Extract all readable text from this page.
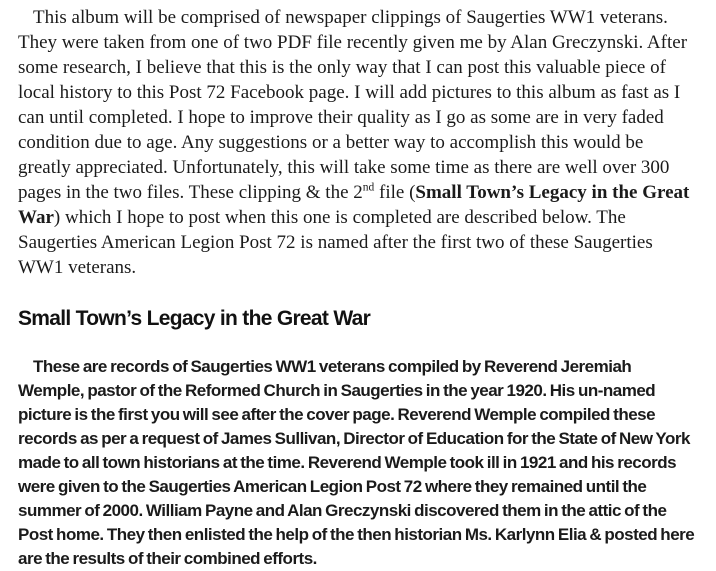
This album will be comprised of newspaper clippings of Saugerties WW1 veterans. They were taken from one of two PDF file recently given me by Alan Greczynski. After some research, I believe that this is the only way that I can post this valuable piece of local history to this Post 72 Facebook page. I will add pictures to this album as fast as I can until completed. I hope to improve their quality as I go as some are in very faded condition due to age. Any suggestions or a better way to accomplish this would be greatly appreciated. Unfortunately, this will take some time as there are well over 300 pages in the two files. These clipping & the 2nd file (Small Town’s Legacy in the Great War) which I hope to post when this one is completed are described below. The Saugerties American Legion Post 72 is named after the first two of these Saugerties WW1 veterans.

Small Town’s Legacy in the Great War

These are records of Saugerties WW1 veterans compiled by Reverend Jeremiah Wemple, pastor of the Reformed Church in Saugerties in the year 1920. His un-named picture is the first you will see after the cover page. Reverend Wemple compiled these records as per a request of James Sullivan, Director of Education for the State of New York made to all town historians at the time. Reverend Wemple took ill in 1921 and his records were given to the Saugerties American Legion Post 72 where they remained until the summer of 2000. William Payne and Alan Greczynski discovered them in the attic of the Post home. They then enlisted the help of the then historian Ms. Karlynn Elia & posted here are the results of their combined efforts.
